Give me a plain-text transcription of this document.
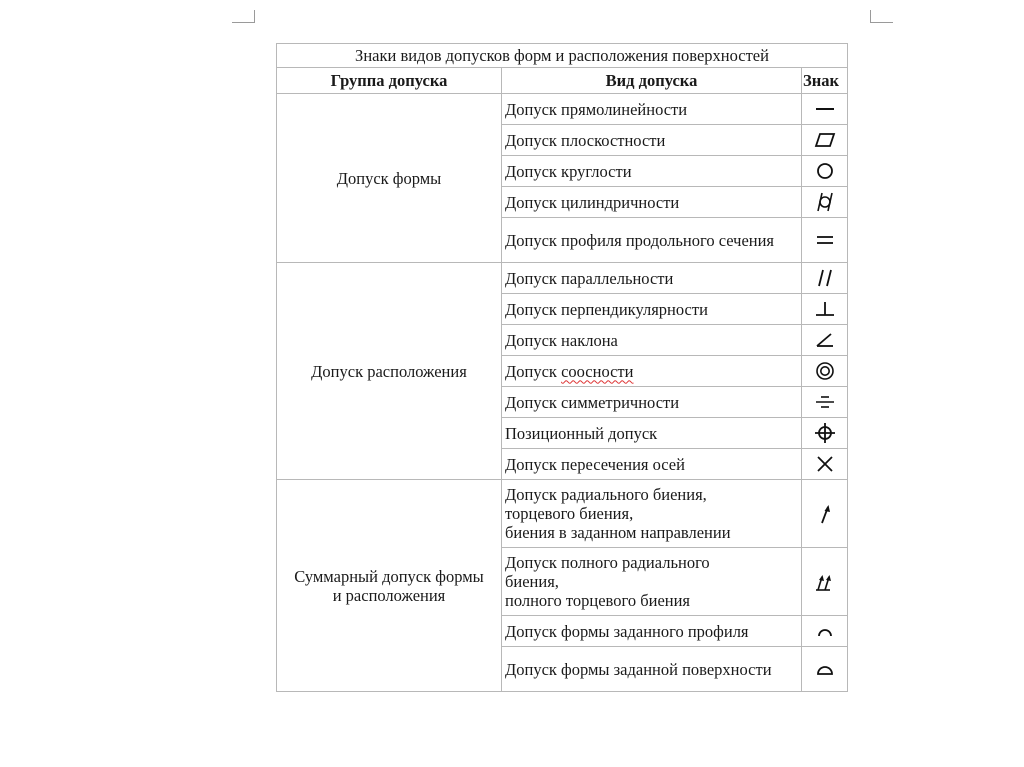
Знаки видов допусков форм и расположения поверхностей		
Группа допуска	Вид допуска	Знак
Допуск формы	Допуск прямолинейности	

	Допуск плоскостности	

	Допуск круглости	

	Допуск цилиндричности	

	Допуск профиля продольного сечения	

Допуск расположения	Допуск параллельности	

	Допуск перпендикулярности	

	Допуск наклона	

	Допуск соосности	

	Допуск симметричности	

	Позиционный допуск	

	Допуск пересечения осей	

Суммарный допуск формы и расположения	Допуск радиального биения,
торцевого биения,
биения в заданном направлении

	Допуск полного радиального
биения,
полного торцевого биения

	Допуск формы заданного профиля	

	Допуск формы заданной поверхности	
